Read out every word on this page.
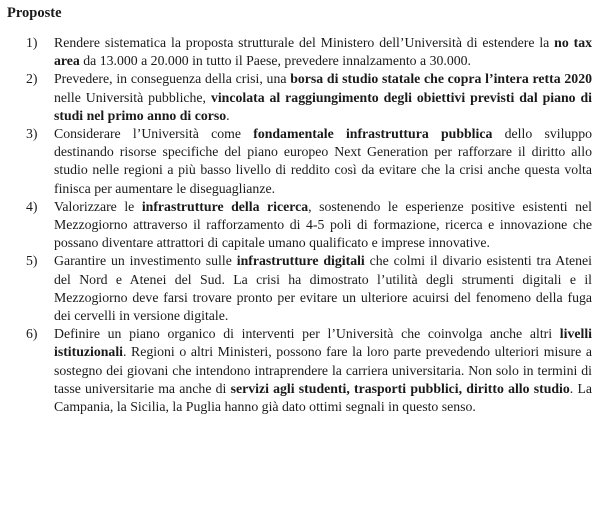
Proposte
1) Rendere sistematica la proposta strutturale del Ministero dell’Università di estendere la no tax area da 13.000 a 20.000 in tutto il Paese, prevedere innalzamento a 30.000.
2) Prevedere, in conseguenza della crisi, una borsa di studio statale che copra l’intera retta 2020 nelle Università pubbliche, vincolata al raggiungimento degli obiettivi previsti dal piano di studi nel primo anno di corso.
3) Considerare l’Università come fondamentale infrastruttura pubblica dello sviluppo destinando risorse specifiche del piano europeo Next Generation per rafforzare il diritto allo studio nelle regioni a più basso livello di reddito così da evitare che la crisi anche questa volta finisca per aumentare le diseguaglianze.
4) Valorizzare le infrastrutture della ricerca, sostenendo le esperienze positive esistenti nel Mezzogiorno attraverso il rafforzamento di 4-5 poli di formazione, ricerca e innovazione che possano diventare attrattori di capitale umano qualificato e imprese innovative.
5) Garantire un investimento sulle infrastrutture digitali che colmi il divario esistenti tra Atenei del Nord e Atenei del Sud. La crisi ha dimostrato l’utilità degli strumenti digitali e il Mezzogiorno deve farsi trovare pronto per evitare un ulteriore acuirsi del fenomeno della fuga dei cervelli in versione digitale.
6) Definire un piano organico di interventi per l’Università che coinvolga anche altri livelli istituzionali. Regioni o altri Ministeri, possono fare la loro parte prevedendo ulteriori misure a sostegno dei giovani che intendono intraprendere la carriera universitaria. Non solo in termini di tasse universitarie ma anche di servizi agli studenti, trasporti pubblici, diritto allo studio. La Campania, la Sicilia, la Puglia hanno già dato ottimi segnali in questo senso.
